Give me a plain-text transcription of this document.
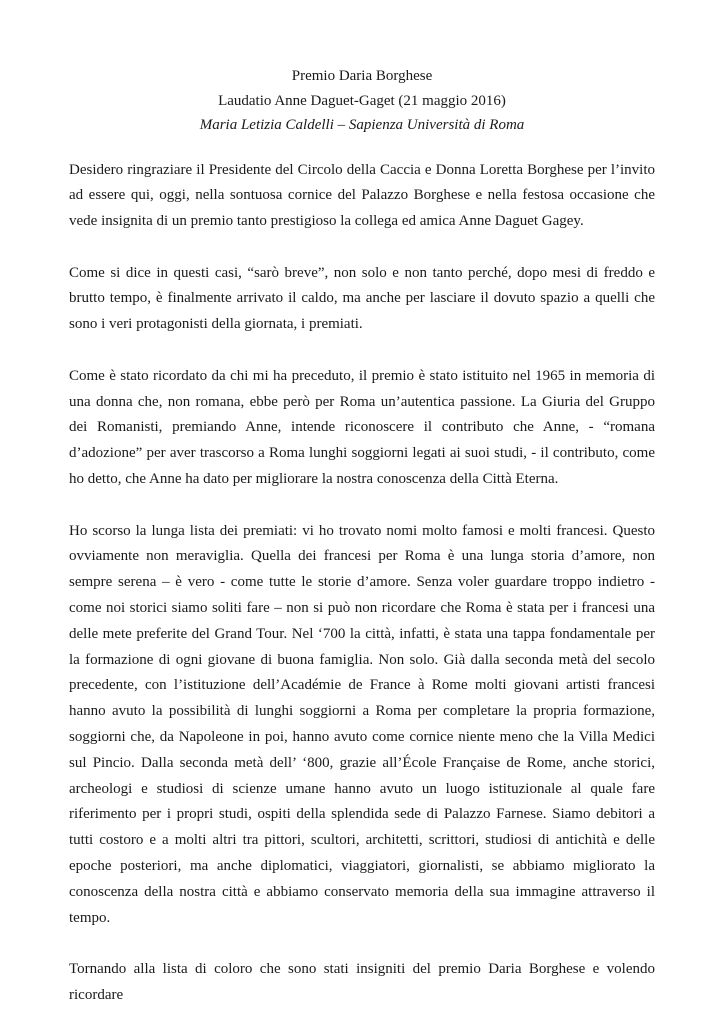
Premio Daria Borghese
Laudatio Anne Daguet-Gaget (21 maggio 2016)
Maria Letizia Caldelli – Sapienza Università di Roma

Desidero ringraziare il Presidente del Circolo della Caccia e Donna Loretta Borghese per l’invito ad essere qui, oggi, nella sontuosa cornice del Palazzo Borghese e nella festosa occasione che vede insignita di un premio tanto prestigioso la collega ed amica Anne Daguet Gagey.

Come si dice in questi casi, “sarò breve”, non solo e non tanto perché, dopo mesi di freddo e brutto tempo, è finalmente arrivato il caldo, ma anche per lasciare il dovuto spazio a quelli che sono i veri protagonisti della giornata, i premiati.

Come è stato ricordato da chi mi ha preceduto, il premio è stato istituito nel 1965 in memoria di una donna che, non romana, ebbe però per Roma un’autentica passione. La Giuria del Gruppo dei Romanisti, premiando Anne, intende riconoscere il contributo che Anne, - “romana d’adozione” per aver trascorso a Roma lunghi soggiorni legati ai suoi studi, - il contributo, come ho detto, che Anne ha dato per migliorare la nostra conoscenza della Città Eterna.

Ho scorso la lunga lista dei premiati: vi ho trovato nomi molto famosi e molti francesi. Questo ovviamente non meraviglia. Quella dei francesi per Roma è una lunga storia d’amore, non sempre serena – è vero - come tutte le storie d’amore. Senza voler guardare troppo indietro - come noi storici siamo soliti fare – non si può non ricordare che Roma è stata per i francesi una delle mete preferite del Grand Tour. Nel ‘700 la città, infatti, è stata una tappa fondamentale per la formazione di ogni giovane di buona famiglia. Non solo. Già dalla seconda metà del secolo precedente, con l’istituzione dell’Académie de France à Rome molti giovani artisti francesi hanno avuto la possibilità di lunghi soggiorni a Roma per completare la propria formazione, soggiorni che, da Napoleone in poi, hanno avuto come cornice niente meno che la Villa Medici sul Pincio. Dalla seconda metà dell’ ‘800, grazie all’École Française de Rome, anche storici, archeologi e studiosi di scienze umane hanno avuto un luogo istituzionale al quale fare riferimento per i propri studi, ospiti della splendida sede di Palazzo Farnese. Siamo debitori a tutti costoro e a molti altri tra pittori, scultori, architetti, scrittori, studiosi di antichità e delle epoche posteriori, ma anche diplomatici, viaggiatori, giornalisti, se abbiamo migliorato la conoscenza della nostra città e abbiamo conservato memoria della sua immagine attraverso il tempo.

Tornando alla lista di coloro che sono stati insigniti del premio Daria Borghese e volendo ricordare
